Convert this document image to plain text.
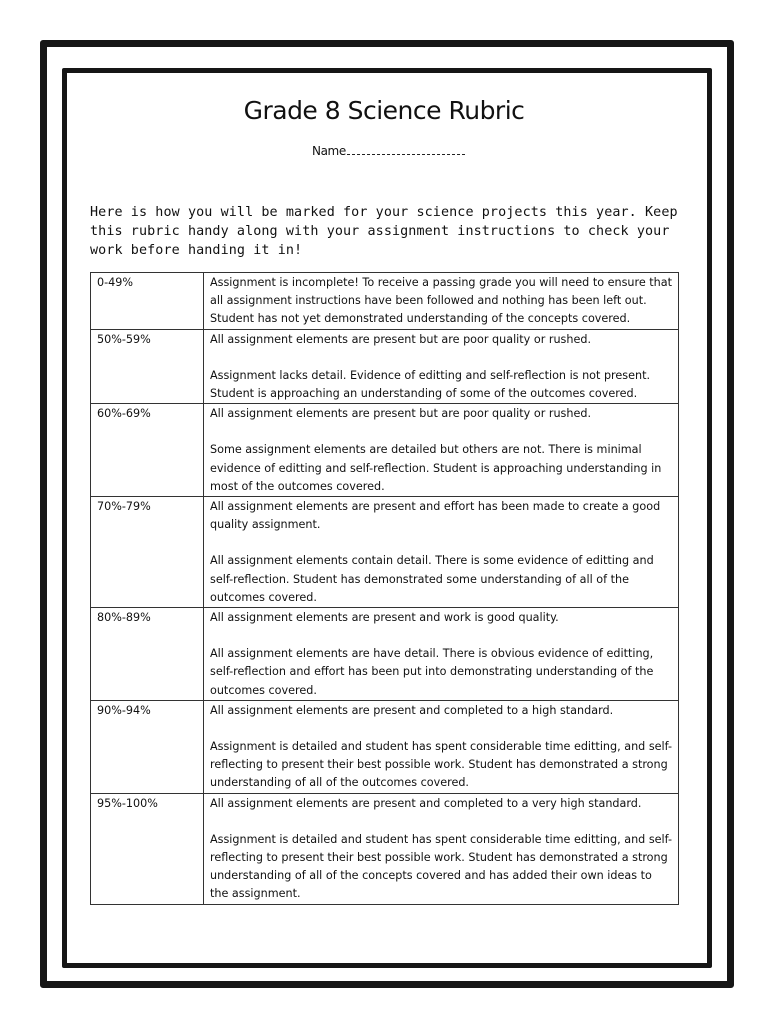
Grade 8 Science Rubric
Name
Here is how you will be marked for your science projects this year. Keep this rubric handy along with your assignment instructions to check your work before handing it in!
0-49%	Assignment is incomplete! To receive a passing grade you will need to ensure that all assignment instructions have been followed and nothing has been left out. Student has not yet demonstrated understanding of the concepts covered.

50%-59%	All assignment elements are present but are poor quality or rushed.

Assignment lacks detail. Evidence of editting and self-reflection is not present. Student is approaching an understanding of some of the outcomes covered.

60%-69%	All assignment elements are present but are poor quality or rushed.

Some assignment elements are detailed but others are not. There is minimal evidence of editting and self-reflection. Student is approaching understanding in most of the outcomes covered.

70%-79%	All assignment elements are present and effort has been made to create a good quality assignment.

All assignment elements contain detail. There is some evidence of editting and self-reflection. Student has demonstrated some understanding of all of the outcomes covered.

80%-89%	All assignment elements are present and work is good quality.

All assignment elements are have detail. There is obvious evidence of editting, self-reflection and effort has been put into demonstrating understanding of the outcomes covered.

90%-94%	All assignment elements are present and completed to a high standard.

Assignment is detailed and student has spent considerable time editting, and self-reflecting to present their best possible work. Student has demonstrated a strong understanding of all of the outcomes covered.

95%-100%	All assignment elements are present and completed to a very high standard.

Assignment is detailed and student has spent considerable time editting, and self-reflecting to present their best possible work. Student has demonstrated a strong understanding of all of the concepts covered and has added their own ideas to the assignment.
